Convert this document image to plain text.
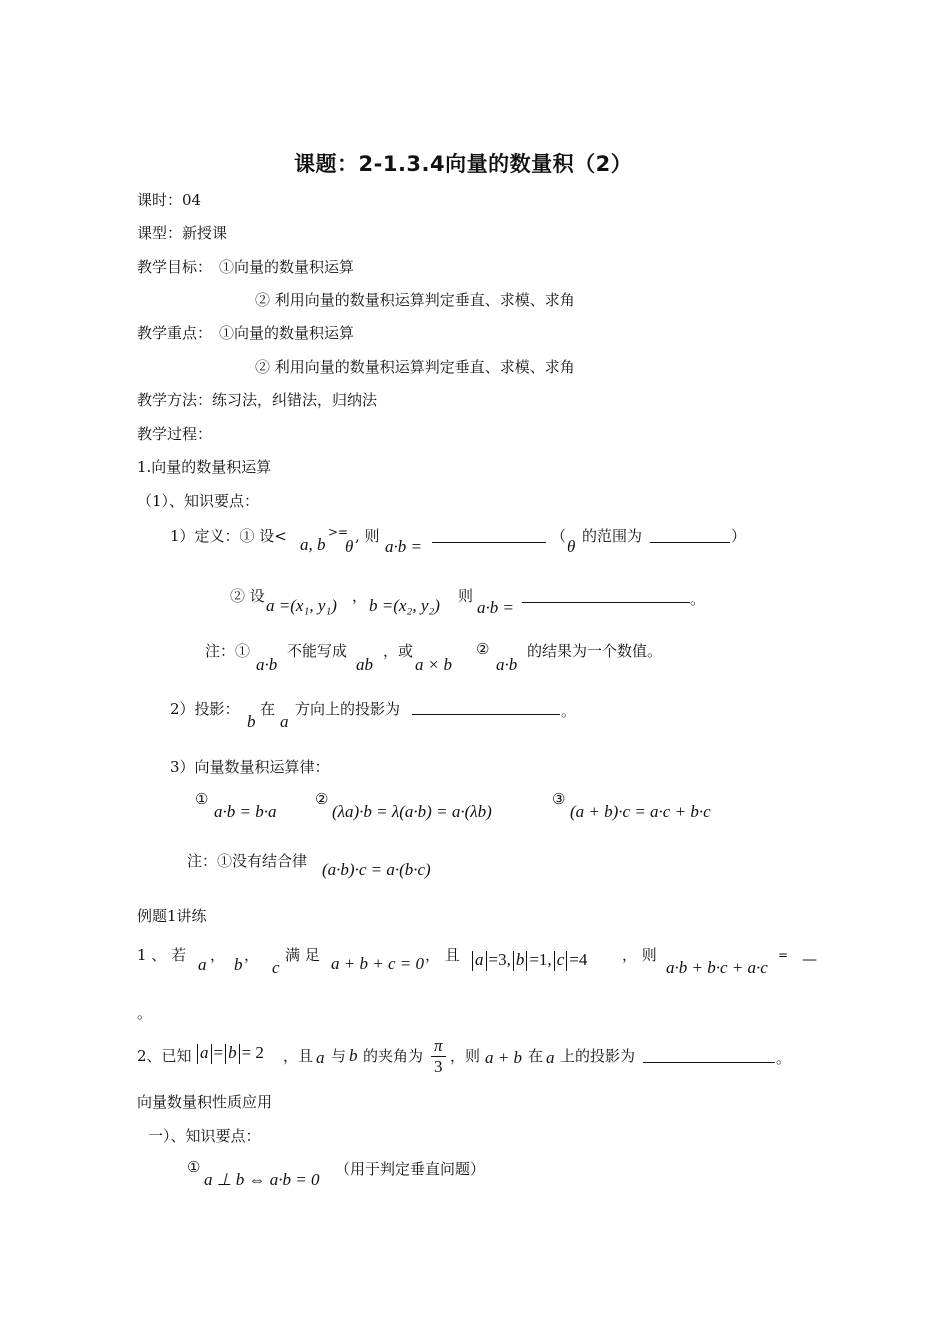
课题：2-1.3.4向量的数量积（2）
课时：04
课型：新授课
教学目标： ①向量的数量积运算
② 利用向量的数量积运算判定垂直、求模、求角
教学重点： ①向量的数量积运算
② 利用向量的数量积运算判定垂直、求模、求角
教学方法：练习法，纠错法，归纳法
教学过程：
1.向量的数量积运算
（1）、知识要点：
1）定义：① 设< a, b
>=
θ
, 则
a·b =
（
θ
的范围为	）
② 设 a =(x₁, y₁) ， b =(x₂, y₂) 则
a·b =	。
注：①
a·b
不能写成
ab
，或
a × b
②
a·b
的结果为一个数值。
2）投影：
b
在
a
方向上的投影为	。
3）向量数量积运算律：
①
a·b = b·a
②
(λa)·b = λ(a·b) = a·(λb)
③
(a + b)·c = a·c + b·c
注：①没有结合律 (a·b)·c = a·(b·c)
例题1讲练
1 、 若 a ， b ，
c
满 足 a + b + c = 0 ， 且 a =3, b =1, c =4 ， 则
a·b + b·c + a·c
= —
。
2、已知 a = b = 2 ，且 a 与 b 的夹角为 $\frac{\pi}{3}$ ，则 a + b 在 a 上的投影为	。
向量数量积性质应用
一）、知识要点：
①
a ⊥ b ⇔ a·b = 0
（用于判定垂直问题）
